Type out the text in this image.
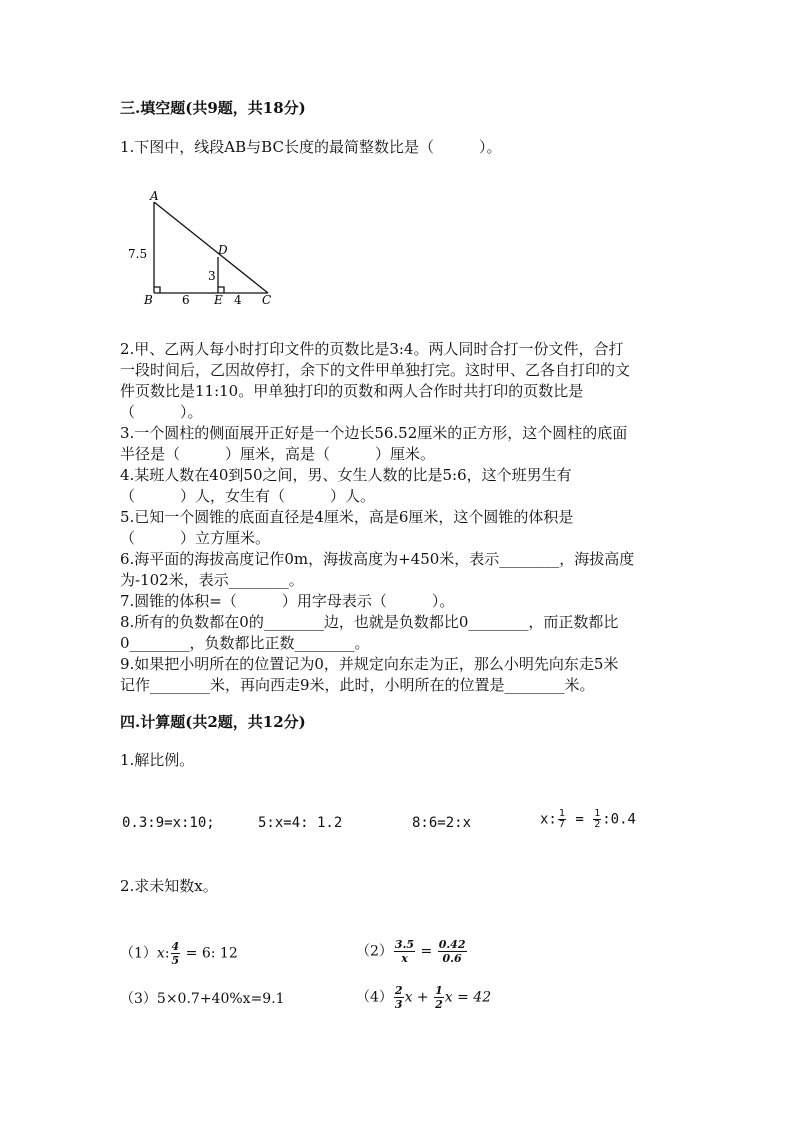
三.填空题(共9题，共18分)
1.下图中，线段AB与BC长度的最简整数比是（　　　）。
A
B	C
D
E
7.5
3
6	4
2.甲、乙两人每小时打印文件的页数比是3:4。两人同时合打一份文件，合打
一段时间后，乙因故停打，余下的文件甲单独打完。这时甲、乙各自打印的文
件页数比是11:10。甲单独打印的页数和两人合作时共打印的页数比是
（　　　）。
3.一个圆柱的侧面展开正好是一个边长56.52厘米的正方形，这个圆柱的底面
半径是（　　　）厘米，高是（　　　）厘米。
4.某班人数在40到50之间，男、女生人数的比是5:6，这个班男生有
（　　　）人，女生有（　　　）人。
5.已知一个圆锥的底面直径是4厘米，高是6厘米，这个圆锥的体积是
（　　　）立方厘米。
6.海平面的海拔高度记作0m，海拔高度为+450米，表示________，海拔高度
为-102米，表示________。
7.圆锥的体积=（　　　）用字母表示（　　　）。
8.所有的负数都在0的________边，也就是负数都比0________，而正数都比
0________，负数都比正数________。
9.如果把小明所在的位置记为0，并规定向东走为正，那么小明先向东走5米
记作________米，再向西走9米，此时，小明所在的位置是________米。
四.计算题(共2题，共12分)
1.解比例。
0.3:9=x:10;	5:x=4: 1.2	8:6=2:x	x: $\frac{1}{7} = \frac{1}{2}$ :0.4
2.求未知数x。
（1）x: $\frac{4}{5} = 6$: 12	$(2) \frac{3.5}{x} = \frac{0.42}{0.6}$
（3）5×0.7+40%x=9.1	$(4) \frac{2}{3}$ $x + \frac{1}{2}$ x = 42
